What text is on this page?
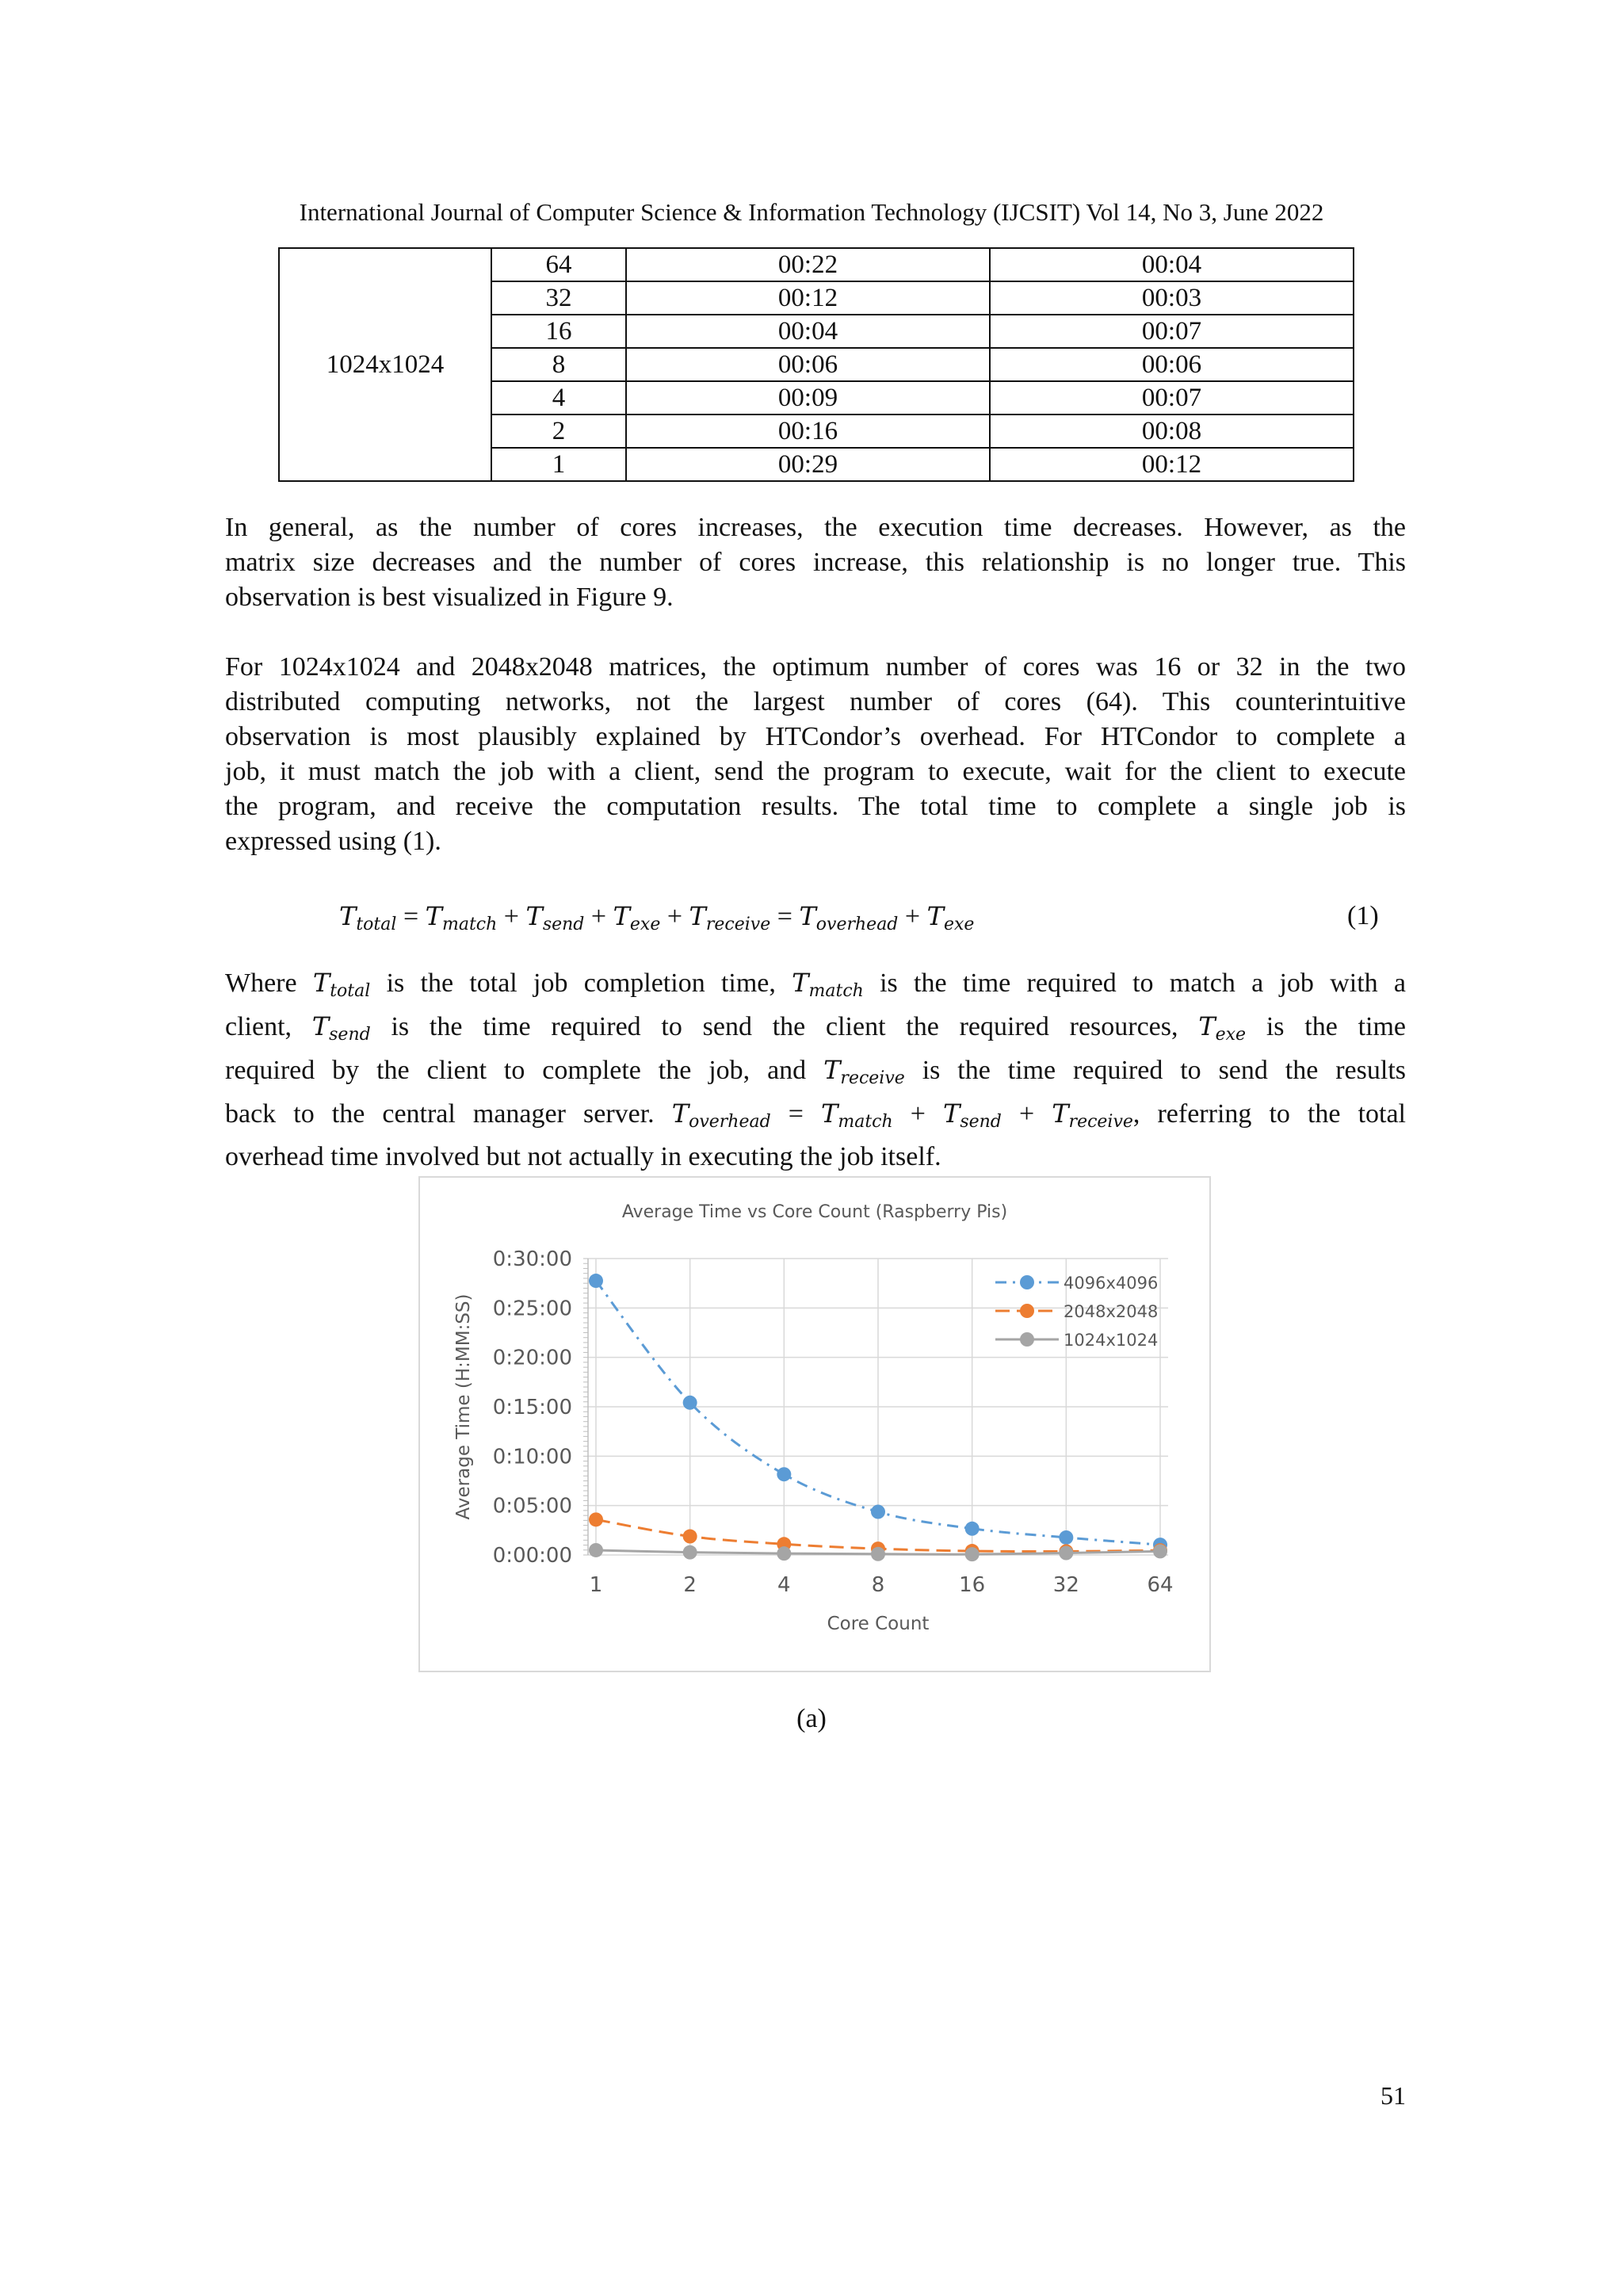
International Journal of Computer Science & Information Technology (IJCSIT) Vol 14, No 3, June 2022
1024x1024	64	00:22	00:04
	32	00:12	00:03
	16	00:04	00:07
	8	00:06	00:06
	4	00:09	00:07
	2	00:16	00:08
	1	00:29	00:12
In general, as the number of cores increases, the execution time decreases. However, as the
matrix size decreases and the number of cores increase, this relationship is no longer true. This
observation is best visualized in Figure 9.
For 1024x1024 and 2048x2048 matrices, the optimum number of cores was 16 or 32 in the two
distributed computing networks, not the largest number of cores (64). This counterintuitive
observation is most plausibly explained by HTCondor’s overhead. For HTCondor to complete a
job, it must match the job with a client, send the program to execute, wait for the client to execute
the program, and receive the computation results. The total time to complete a single job is
expressed using (1).
$T_{total} = T_{match} + T_{send} + T_{exe} + T_{receive} = T_{overhead} + T_{exe}$	(1)
Where $T_{total}$ is the total job completion time, $T_{match}$ is the time required to match a job with a
client, $T_{send}$ is the time required to send the client the required resources, $T_{exe}$ is the time
required by the client to complete the job, and $T_{receive}$ is the time required to send the results
back to the central manager server. $T_{overhead} = T_{match} + T_{send} + T_{receive}$, referring to the total
overhead time involved but not actually in executing the job itself.
Average Time vs Core Count (Raspberry Pis)
0:00:00
0:05:00
0:10:00
0:15:00
0:20:00
0:25:00
0:30:00
1	2	4	8	16	32	64
Core Count
Average Time (H:MM:SS)
4096x4096
2048x2048
1024x1024
(a)
51
